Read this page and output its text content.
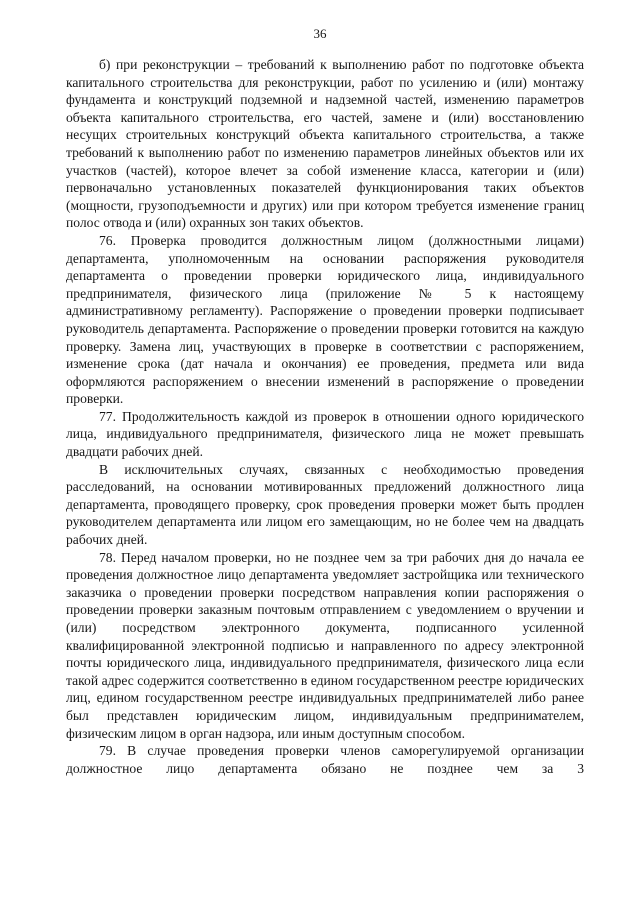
36

б) при реконструкции – требований к выполнению работ по подготовке объекта капитального строительства для реконструкции, работ по усилению и (или) монтажу фундамента и конструкций подземной и надземной частей, изменению параметров объекта капитального строительства, его частей, замене и (или) восстановлению несущих строительных конструкций объекта капитального строительства, а также требований к выполнению работ по изменению параметров линейных объектов или их участков (частей), которое влечет за собой изменение класса, категории и (или) первоначально установленных показателей функционирования таких объектов (мощности, грузоподъемности и других) или при котором требуется изменение границ полос отвода и (или) охранных зон таких объектов.

76. Проверка проводится должностным лицом (должностными лицами) департамента, уполномоченным на основании распоряжения руководителя департамента о проведении проверки юридического лица, индивидуального предпринимателя, физического лица (приложение № 5 к настоящему административному регламенту). Распоряжение о проведении проверки подписывает руководитель департамента. Распоряжение о проведении проверки готовится на каждую проверку. Замена лиц, участвующих в проверке в соответствии с распоряжением, изменение срока (дат начала и окончания) ее проведения, предмета или вида оформляются распоряжением о внесении изменений в распоряжение о проведении проверки.

77. Продолжительность каждой из проверок в отношении одного юридического лица, индивидуального предпринимателя, физического лица не может превышать двадцати рабочих дней.

В исключительных случаях, связанных с необходимостью проведения расследований, на основании мотивированных предложений должностного лица департамента, проводящего проверку, срок проведения проверки может быть продлен руководителем департамента или лицом его замещающим, но не более чем на двадцать рабочих дней.

78. Перед началом проверки, но не позднее чем за три рабочих дня до начала ее проведения должностное лицо департамента уведомляет застройщика или технического заказчика о проведении проверки посредством направления копии распоряжения о проведении проверки заказным почтовым отправлением с уведомлением о вручении и (или) посредством электронного документа, подписанного усиленной квалифицированной электронной подписью и направленного по адресу электронной почты юридического лица, индивидуального предпринимателя, физического лица если такой адрес содержится соответственно в едином государственном реестре юридических лиц, едином государственном реестре индивидуальных предпринимателей либо ранее был представлен юридическим лицом, индивидуальным предпринимателем, физическим лицом в орган надзора, или иным доступным способом.

79. В случае проведения проверки членов саморегулируемой организации должностное лицо департамента обязано не позднее чем за 3
